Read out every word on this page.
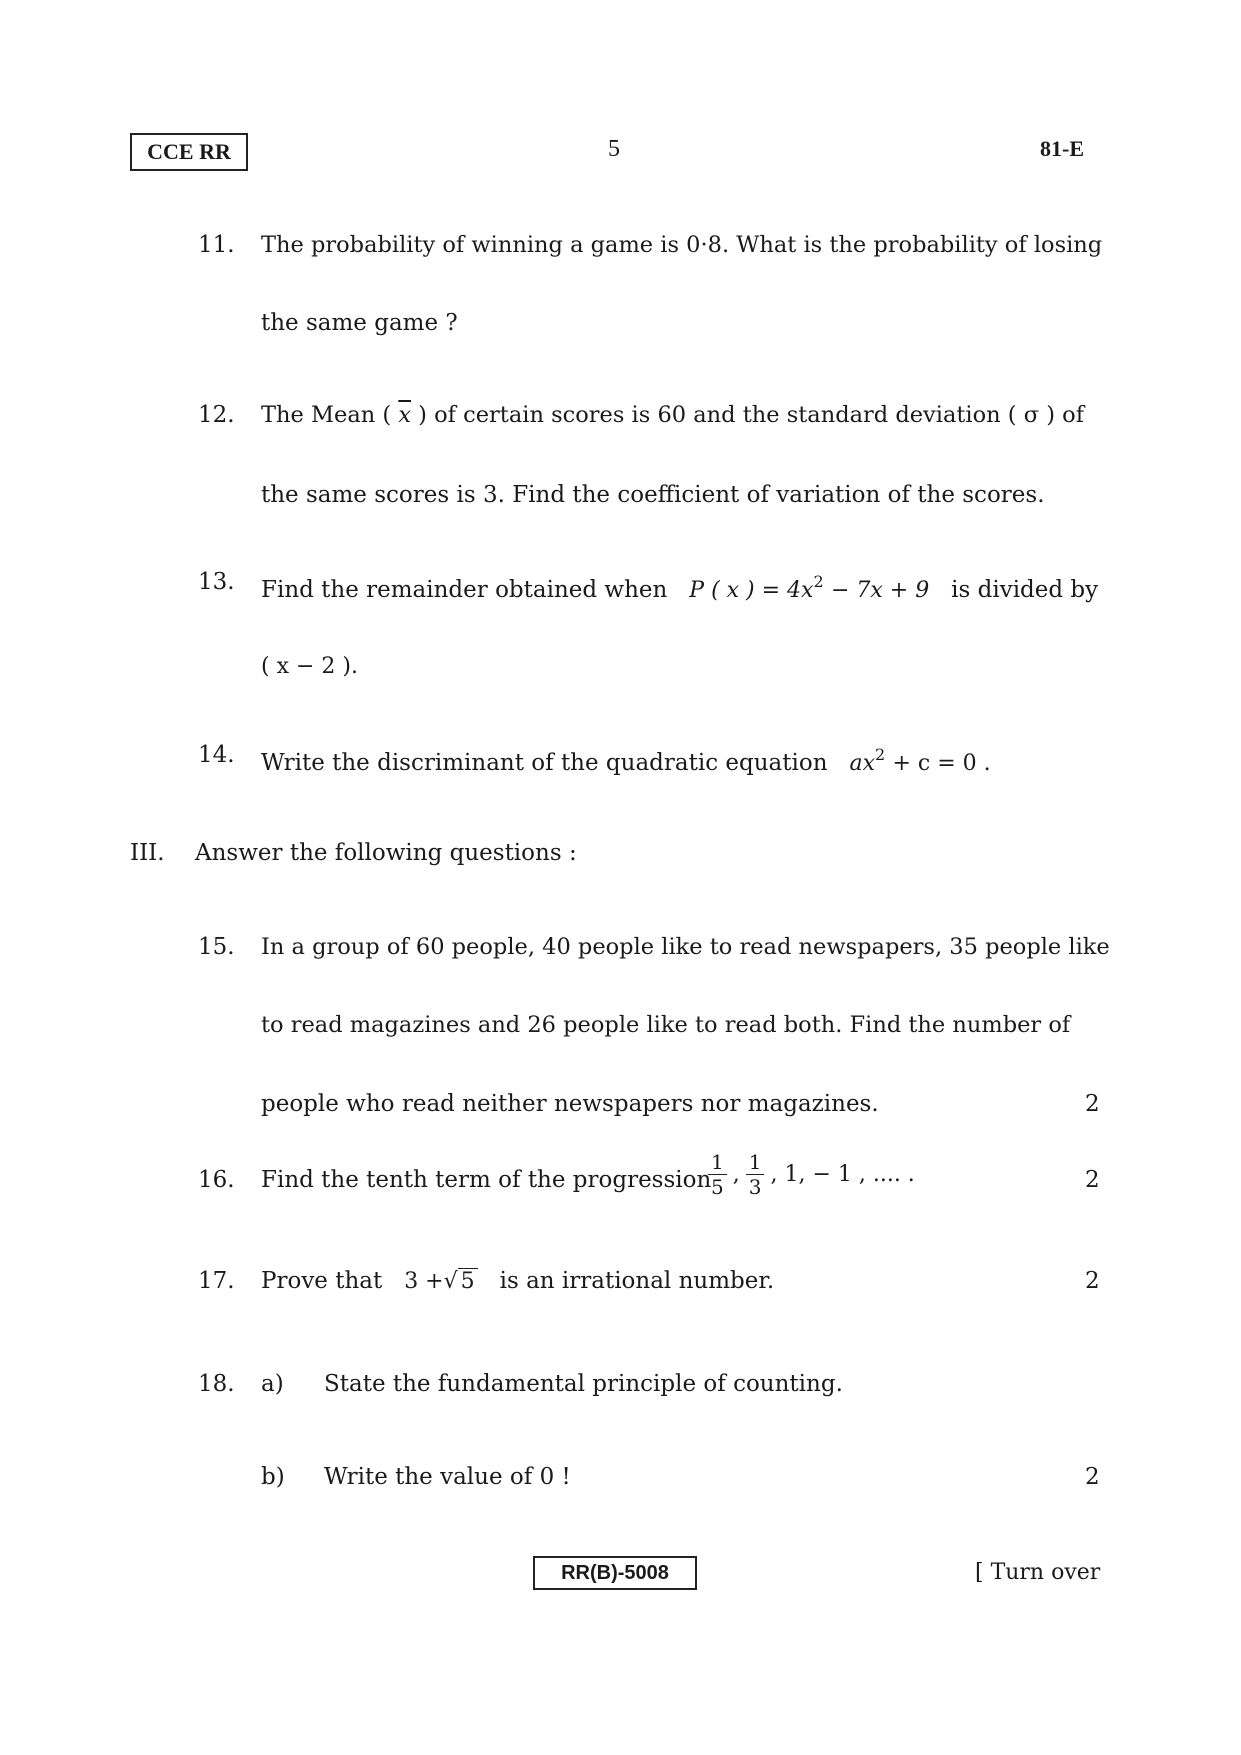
CCE RR	5	81-E
11. The probability of winning a game is 0·8. What is the probability of losing
the same game ?
12. The Mean ( $\overline{x}$ ) of certain scores is 60 and the standard deviation ( σ ) of
the same scores is 3. Find the coefficient of variation of the scores.
13. Find the remainder obtained when P ( x ) = $4x^2 - 7x + 9$ is divided by
( x − 2 ).
14. Write the discriminant of the quadratic equation $ax^2 + c = 0$ .
III. Answer the following questions :
15. In a group of 60 people, 40 people like to read newspapers, 35 people like
to read magazines and 26 people like to read both. Find the number of
people who read neither newspapers nor magazines.	2
16. Find the tenth term of the progression
$\frac{1}{5}$ , $\frac{1}{3}$ , 1, − 1 , .... .	2
17. Prove that 3 +√ 5 is an irrational number.	2
18. a) State the fundamental principle of counting.
b) Write the value of 0 !	2
RR(B)-5008	[ Turn over
